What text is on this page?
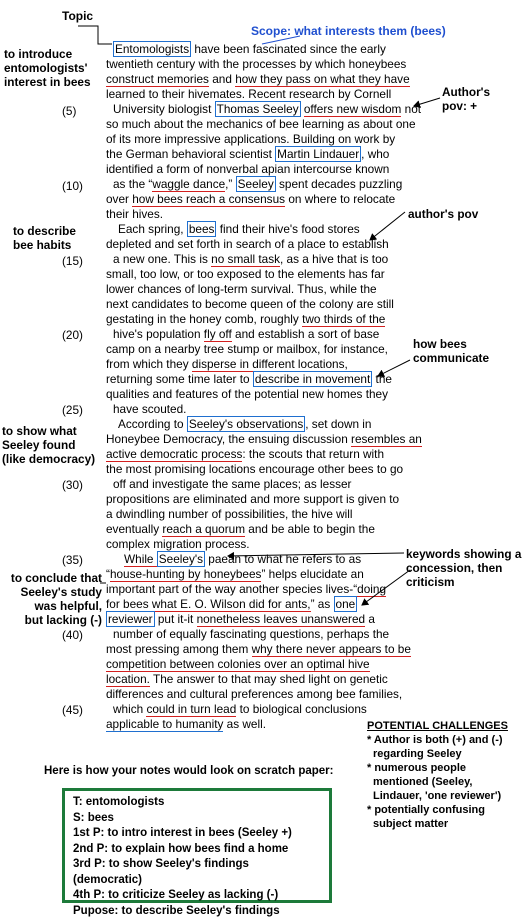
Topic
Scope: what interests them (bees)
to introduce
entomologists'
interest in bees
Author's
pov: +
author's pov
to describe
bee habits
how bees
communicate
to show what
Seeley found
(like democracy)
keywords showing a
concession, then
criticism
to conclude that
Seeley's study
was helpful,
but lacking (-)
(5)
(10)
(15)
(20)
(25)
(30)
(35)
(40)
(45)
Entomologists have been fascinated since the early
twentieth century with the processes by which honeybees
construct memories and how they pass on what they have
learned to their hivemates. Recent research by Cornell
University biologist Thomas Seeley offers new wisdom not
so much about the mechanics of bee learning as about one
of its more impressive applications. Building on work by
the German behavioral scientist Martin Lindauer , who
identified a form of nonverbal apian intercourse known
as the “waggle dance,” Seeley spent decades puzzling
over how bees reach a consensus on where to relocate
their hives.
Each spring, bees find their hive's food stores
depleted and set forth in search of a place to establish
a new one. This is no small task, as a hive that is too
small, too low, or too exposed to the elements has far
lower chances of long-term survival. Thus, while the
next candidates to become queen of the colony are still
gestating in the honey comb, roughly two thirds of the
hive's population fly off and establish a sort of base
camp on a nearby tree stump or mailbox, for instance,
from which they disperse in different locations,
returning some time later to describe in movement the
qualities and features of the potential new homes they
have scouted.
According to Seeley's observations , set down in
Honeybee Democracy, the ensuing discussion resembles an
active democratic process: the scouts that return with
the most promising locations encourage other bees to go
off and investigate the same places; as lesser
propositions are eliminated and more support is given to
a dwindling number of possibilities, the hive will
eventually reach a quorum and be able to begin the
complex migration process.
While Seeley's paean to what he refers to as
“house-hunting by honeybees” helps elucidate an
important part of the way another species lives-“doing
for bees what E. O. Wilson did for ants,” as one
reviewer put it-it nonetheless leaves unanswered a
number of equally fascinating questions, perhaps the
most pressing among them why there never appears to be
competition between colonies over an optimal hive
location. The answer to that may shed light on genetic
differences and cultural preferences among bee families,
which could in turn lead to biological conclusions
applicable to humanity as well.	POTENTIAL CHALLENGES
* Author is both (+) and (-)
regarding Seeley
* numerous people
mentioned (Seeley,
Lindauer, 'one reviewer')
* potentially confusing
subject matter
Here is how your notes would look on scratch paper:
T: entomologists
S: bees
1st P: to intro interest in bees (Seeley +)
2nd P: to explain how bees find a home
3rd P: to show Seeley's findings (democratic)
4th P: to criticize Seeley as lacking (-)
Pupose: to describe Seeley's findings
